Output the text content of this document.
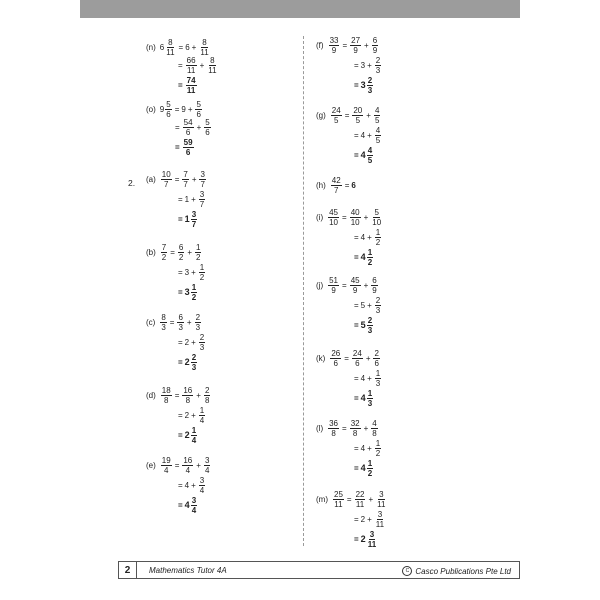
(n) $6 \frac{8}{11} = 6 + \frac{8}{11}$
= $\frac{66}{11} + \frac{8}{11}$
= $\frac{74}{11}$
(o) $9 \frac{5}{6} = 9 + \frac{5}{6}$
= $\frac{54}{6} + \frac{5}{6}$
= $\frac{59}{6}$
2. $(a) \frac{10}{7} = \frac{7}{7} + \frac{3}{7}$
= $1 + \frac{3}{7}$
= $1 \frac{3}{7}$
$(b) \frac{7}{2} = \frac{6}{2} + \frac{1}{2}$
= $3 + \frac{1}{2}$
= $3 \frac{1}{2}$
$(c) \frac{8}{3} = \frac{6}{3} + \frac{2}{3}$
= $2 + \frac{2}{3}$
= $2 \frac{2}{3}$
$(d) \frac{18}{8} = \frac{16}{8} + \frac{2}{8}$
= $2 + \frac{1}{4}$
= $2 \frac{1}{4}$
$(e) \frac{19}{4} = \frac{16}{4} + \frac{3}{4}$
= $4 + \frac{3}{4}$
= $4 \frac{3}{4}$
$(f) \frac{33}{9} = \frac{27}{9} + \frac{6}{9}$
= $3 + \frac{2}{3}$
= $3 \frac{2}{3}$
$(g) \frac{24}{5} = \frac{20}{5} + \frac{4}{5}$
= $4 + \frac{4}{5}$
= $4 \frac{4}{5}$
$(i) \frac{45}{10} = \frac{40}{10} + \frac{5}{10}$
= $4 + \frac{1}{2}$
= $4 \frac{1}{2}$
$(j) \frac{51}{9} = \frac{45}{9} + \frac{6}{9}$
= $5 + \frac{2}{3}$
= $5 \frac{2}{3}$
$(k) \frac{26}{6} = \frac{24}{6} + \frac{2}{6}$
= $4 + \frac{1}{3}$
= $4 \frac{1}{3}$
$(l) \frac{36}{8} = \frac{32}{8} + \frac{4}{8}$
= $4 + \frac{1}{2}$
= $4 \frac{1}{2}$
$(m) \frac{25}{11} = \frac{22}{11} + \frac{3}{11}$
= $2 + \frac{3}{11}$
= $2 \frac{3}{11}$
$(h) \frac{42}{7} = 6$
2	Mathematics Tutor 4A	C Casco Publications Pte Ltd
